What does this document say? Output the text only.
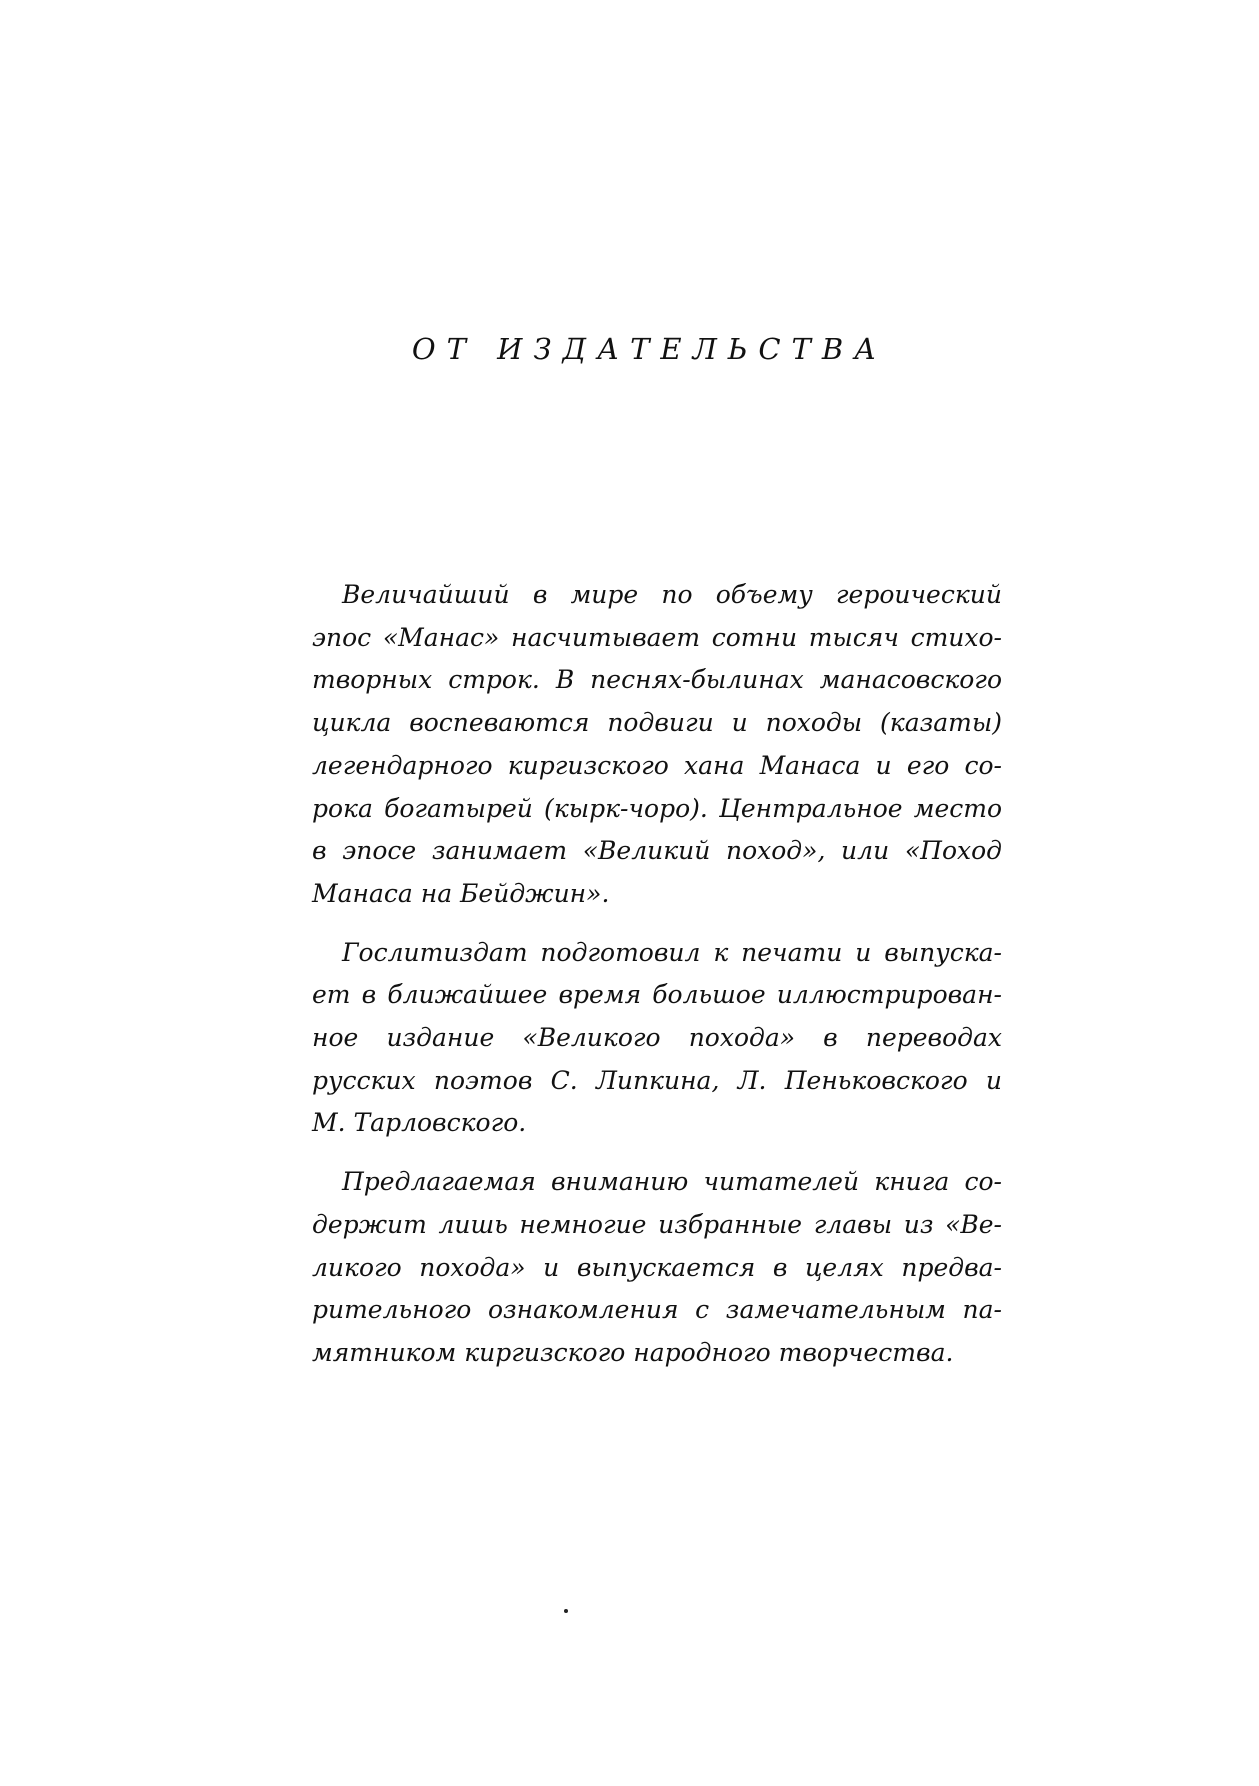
ОТ ИЗДАТЕЛЬСТВА
Величайший в мире по объему героический
эпос «Манас» насчитывает сотни тысяч стихо-
творных строк. В песнях-былинах манасовского
цикла воспеваются подвиги и походы (казаты)
легендарного киргизского хана Манаса и его со-
рока богатырей (кырк-чоро). Центральное место
в эпосе занимает «Великий поход», или «Поход
Манаса на Бейджин».
Гослитиздат подготовил к печати и выпуска-
ет в ближайшее время большое иллюстрирован-
ное издание «Великого похода» в переводах
русских поэтов С. Липкина, Л. Пеньковского и
М. Тарловского.
Предлагаемая вниманию читателей книга со-
держит лишь немногие избранные главы из «Ве-
ликого похода» и выпускается в целях предва-
рительного ознакомления с замечательным па-
мятником киргизского народного творчества.
